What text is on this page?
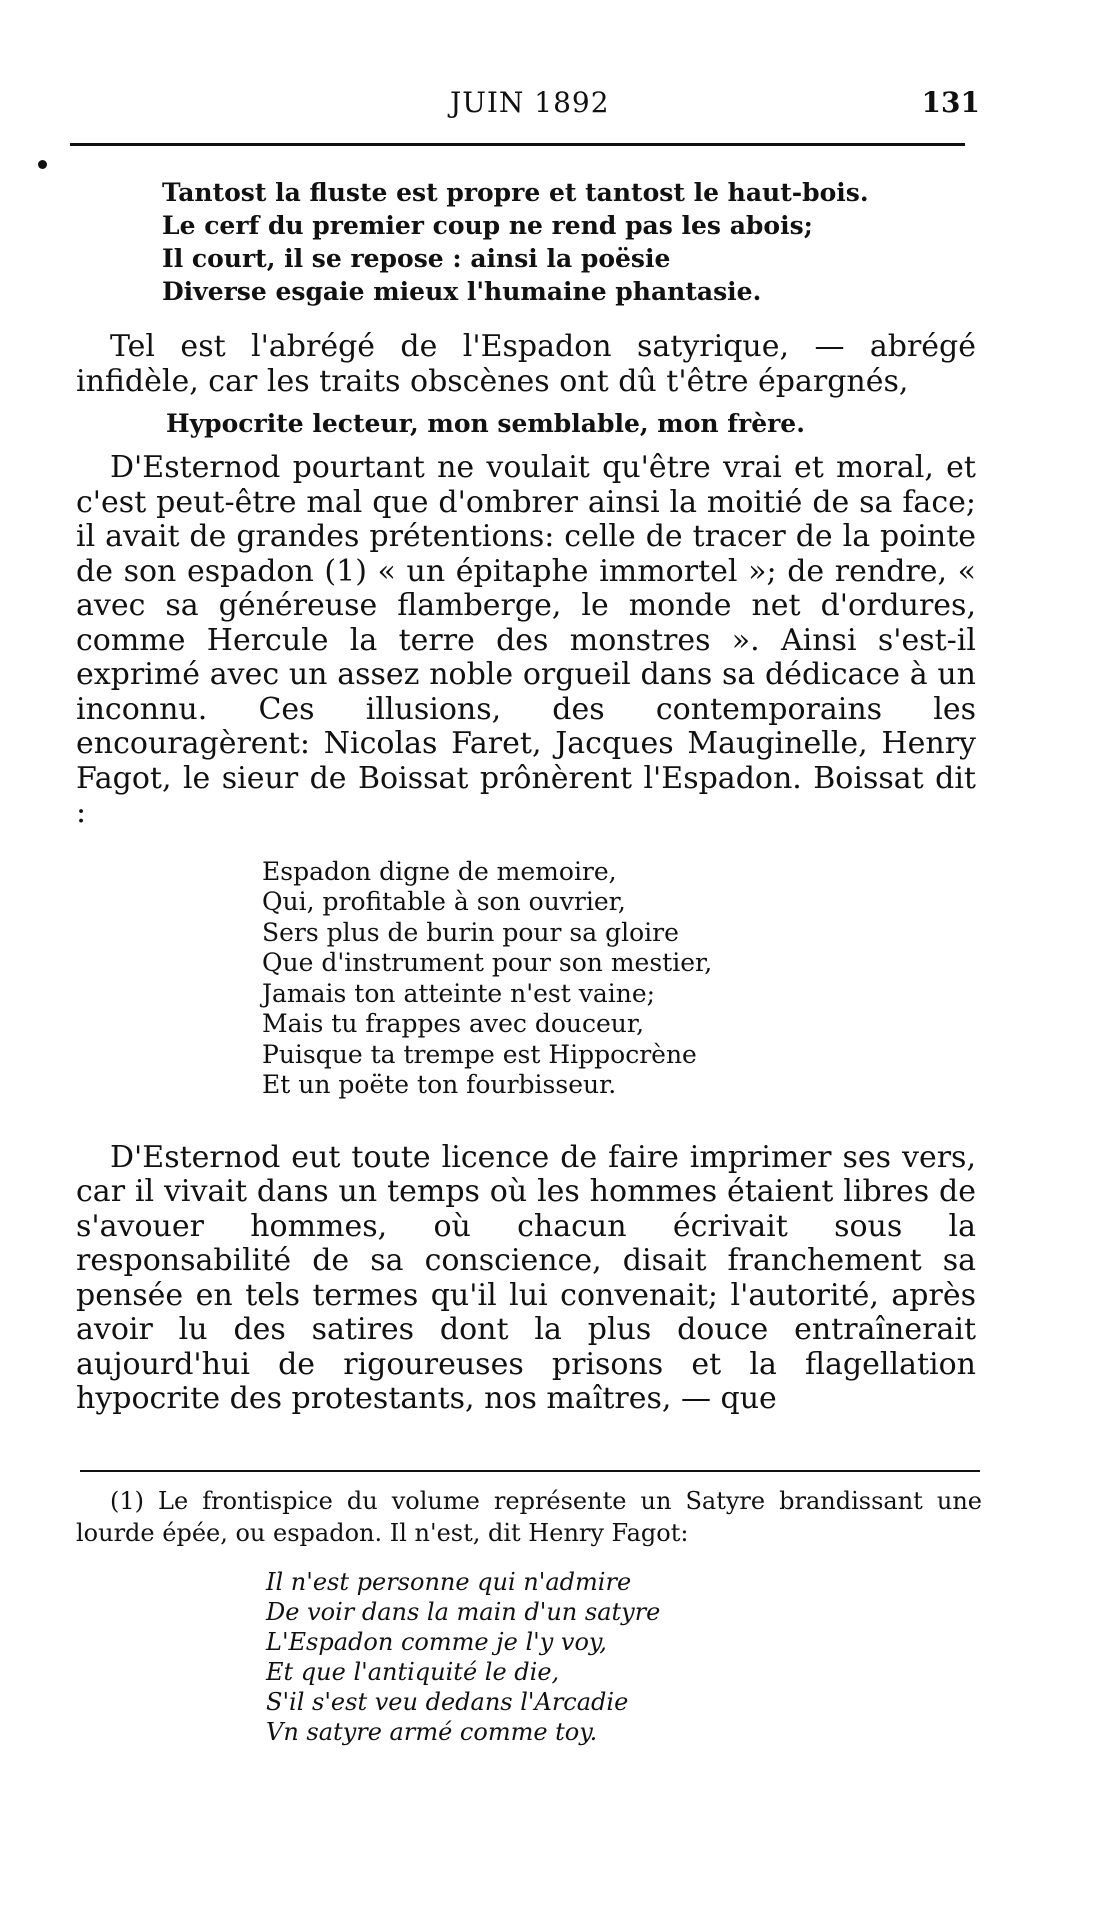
JUIN 1892	131
Tantost la fluste est propre et tantost le haut-bois.
Le cerf du premier coup ne rend pas les abois;
Il court, il se repose : ainsi la poësie
Diverse esgaie mieux l'humaine phantasie.

Tel est l'abrégé de l'Espadon satyrique, — abrégé infidèle, car les traits obscènes ont dû t'être épargnés,

Hypocrite lecteur, mon semblable, mon frère.

D'Esternod pourtant ne voulait qu'être vrai et moral, et c'est peut-être mal que d'ombrer ainsi la moitié de sa face; il avait de grandes prétentions: celle de tracer de la pointe de son espadon (1) « un épitaphe immortel »; de rendre, « avec sa généreuse flamberge, le monde net d'ordures, comme Hercule la terre des monstres ». Ainsi s'est-il exprimé avec un assez noble orgueil dans sa dédicace à un inconnu. Ces illusions, des contemporains les encouragèrent: Nicolas Faret, Jacques Mauginelle, Henry Fagot, le sieur de Boissat prônèrent l'Espadon. Boissat dit :

Espadon digne de memoire,
Qui, profitable à son ouvrier,
Sers plus de burin pour sa gloire
Que d'instrument pour son mestier,
Jamais ton atteinte n'est vaine;
Mais tu frappes avec douceur,
Puisque ta trempe est Hippocrène
Et un poëte ton fourbisseur.

D'Esternod eut toute licence de faire imprimer ses vers, car il vivait dans un temps où les hommes étaient libres de s'avouer hommes, où chacun écrivait sous la responsabilité de sa conscience, disait franchement sa pensée en tels termes qu'il lui convenait; l'autorité, après avoir lu des satires dont la plus douce entraînerait aujourd'hui de rigoureuses prisons et la flagellation hypocrite des protestants, nos maîtres, — que

(1) Le frontispice du volume représente un Satyre brandissant une lourde épée, ou espadon. Il n'est, dit Henry Fagot:

Il n'est personne qui n'admire
De voir dans la main d'un satyre
L'Espadon comme je l'y voy,
Et que l'antiquité le die,
S'il s'est veu dedans l'Arcadie
Vn satyre armé comme toy.
